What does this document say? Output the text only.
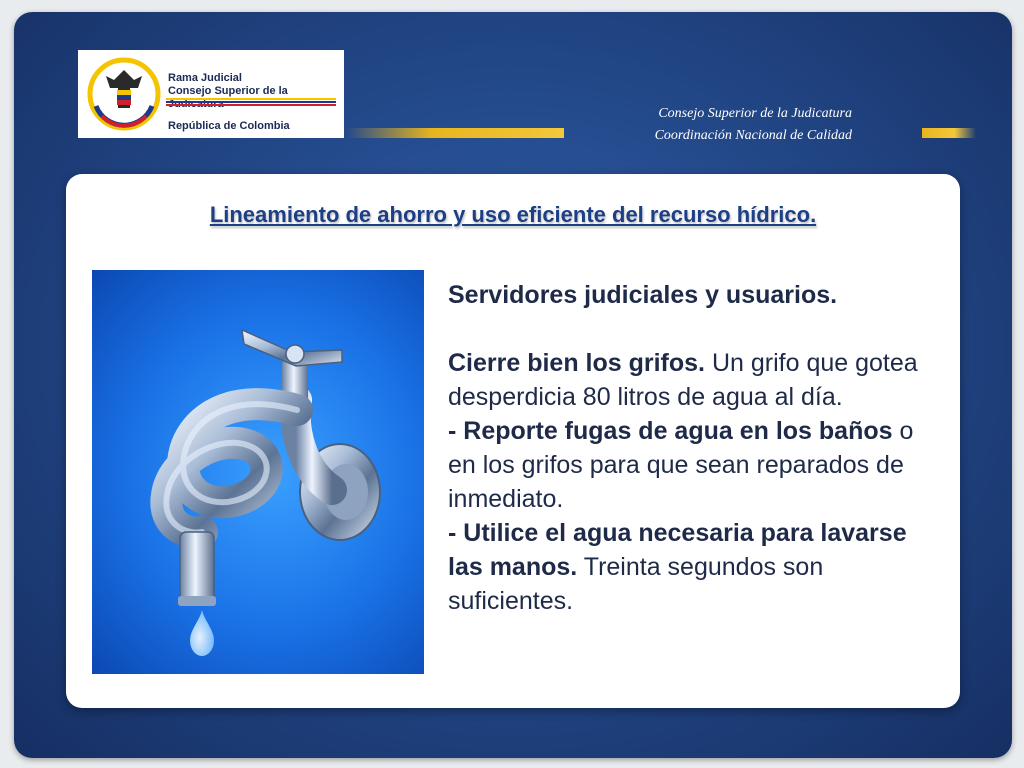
Rama Judicial
Consejo Superior de la
República de Colombia
Consejo Superior de la Judicatura
Coordinación Nacional de Calidad
Lineamiento de ahorro y uso eficiente del recurso hídrico.

Servidores judiciales y usuarios.

Cierre bien los grifos. Un grifo que gotea desperdicia 80 litros de agua al día.

- Reporte fugas de agua en los baños o en los grifos para que sean reparados de inmediato.

- Utilice el agua necesaria para lavarse las manos. Treinta segundos son suficientes.
